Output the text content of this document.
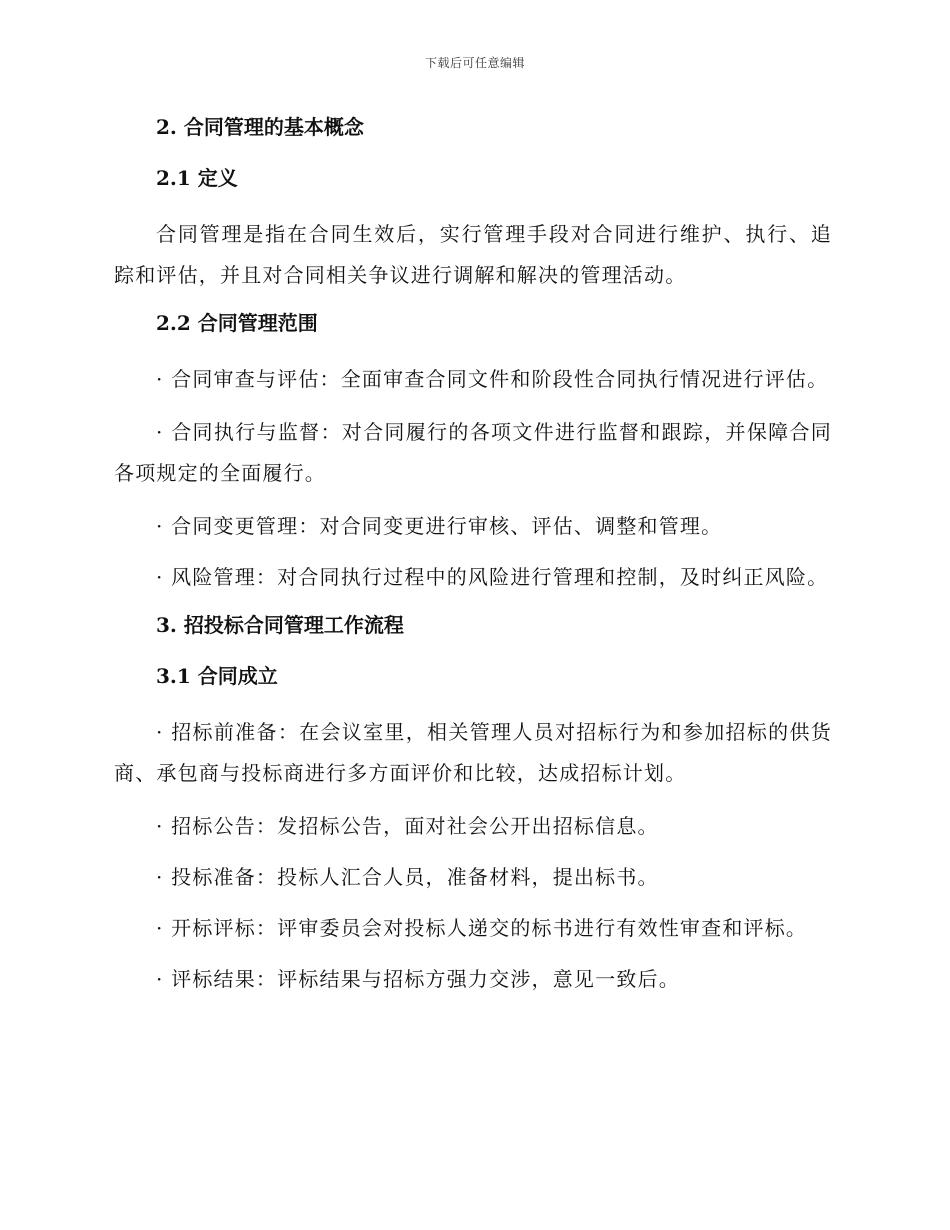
下载后可任意编辑
2. 合同管理的基本概念
2.1 定义

合同管理是指在合同生效后，实行管理手段对合同进行维护、执行、追踪和评估，并且对合同相关争议进行调解和解决的管理活动。

2.2 合同管理范围

· 合同审查与评估：全面审查合同文件和阶段性合同执行情况进行评估。

· 合同执行与监督：对合同履行的各项文件进行监督和跟踪，并保障合同各项规定的全面履行。

· 合同变更管理：对合同变更进行审核、评估、调整和管理。

· 风险管理：对合同执行过程中的风险进行管理和控制，及时纠正风险。

3. 招投标合同管理工作流程
3.1 合同成立

· 招标前准备：在会议室里，相关管理人员对招标行为和参加招标的供货商、承包商与投标商进行多方面评价和比较，达成招标计划。

· 招标公告：发招标公告，面对社会公开出招标信息。

· 投标准备：投标人汇合人员，准备材料，提出标书。

· 开标评标：评审委员会对投标人递交的标书进行有效性审查和评标。

· 评标结果：评标结果与招标方强力交涉，意见一致后。
